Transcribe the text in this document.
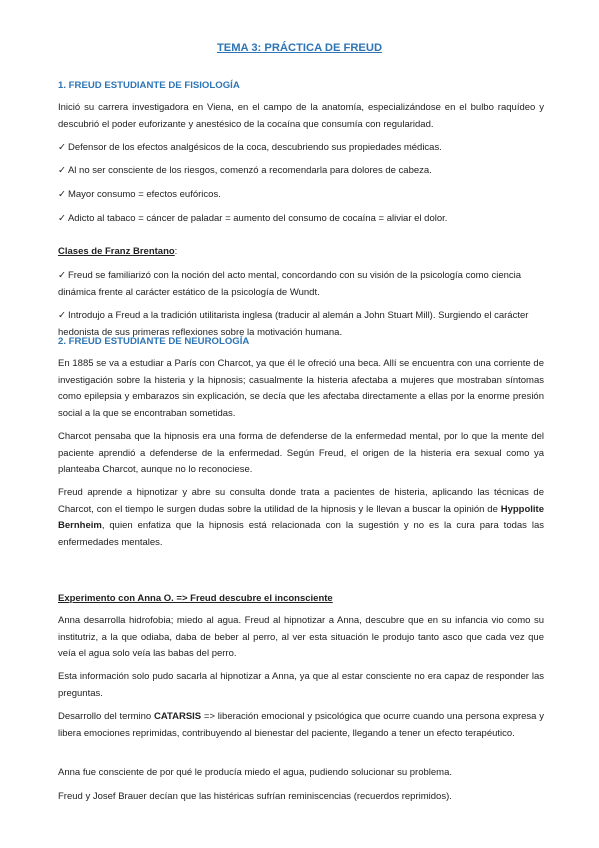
TEMA 3: PRÁCTICA DE FREUD
1. FREUD ESTUDIANTE DE FISIOLOGÍA

Inició su carrera investigadora en Viena, en el campo de la anatomía, especializándose en el bulbo raquídeo y descubrió el poder euforizante y anestésico de la cocaína que consumía con regularidad.

✓ Defensor de los efectos analgésicos de la coca, descubriendo sus propiedades médicas.

✓ Al no ser consciente de los riesgos, comenzó a recomendarla para dolores de cabeza.

✓ Mayor consumo = efectos eufóricos.

✓ Adicto al tabaco = cáncer de paladar = aumento del consumo de cocaína = aliviar el dolor.

Clases de Franz Brentano:

✓ Freud se familiarizó con la noción del acto mental, concordando con su visión de la psicología como ciencia dinámica frente al carácter estático de la psicología de Wundt.

✓ Introdujo a Freud a la tradición utilitarista inglesa (traducir al alemán a John Stuart Mill). Surgiendo el carácter hedonista de sus primeras reflexiones sobre la motivación humana.

2. FREUD ESTUDIANTE DE NEUROLOGÍA

En 1885 se va a estudiar a París con Charcot, ya que él le ofreció una beca. Allí se encuentra con una corriente de investigación sobre la histeria y la hipnosis; casualmente la histeria afectaba a mujeres que mostraban síntomas como epilepsia y embarazos sin explicación, se decía que les afectaba directamente a ellas por la enorme presión social a la que se encontraban sometidas.

Charcot pensaba que la hipnosis era una forma de defenderse de la enfermedad mental, por lo que la mente del paciente aprendió a defenderse de la enfermedad. Según Freud, el origen de la histeria era sexual como ya planteaba Charcot, aunque no lo reconociese.

Freud aprende a hipnotizar y abre su consulta donde trata a pacientes de histeria, aplicando las técnicas de Charcot, con el tiempo le surgen dudas sobre la utilidad de la hipnosis y le llevan a buscar la opinión de Hyppolite Bernheim, quien enfatiza que la hipnosis está relacionada con la sugestión y no es la cura para todas las enfermedades mentales.

Experimento con Anna O. => Freud descubre el inconsciente

Anna desarrolla hidrofobia; miedo al agua. Freud al hipnotizar a Anna, descubre que en su infancia vio como su institutriz, a la que odiaba, daba de beber al perro, al ver esta situación le produjo tanto asco que cada vez que veía el agua solo veía las babas del perro.

Esta información solo pudo sacarla al hipnotizar a Anna, ya que al estar consciente no era capaz de responder las preguntas.

Desarrollo del termino CATARSIS => liberación emocional y psicológica que ocurre cuando una persona expresa y libera emociones reprimidas, contribuyendo al bienestar del paciente, llegando a tener un efecto terapéutico.

Anna fue consciente de por qué le producía miedo el agua, pudiendo solucionar su problema.

Freud y Josef Brauer decían que las histéricas sufrían reminiscencias (recuerdos reprimidos).
